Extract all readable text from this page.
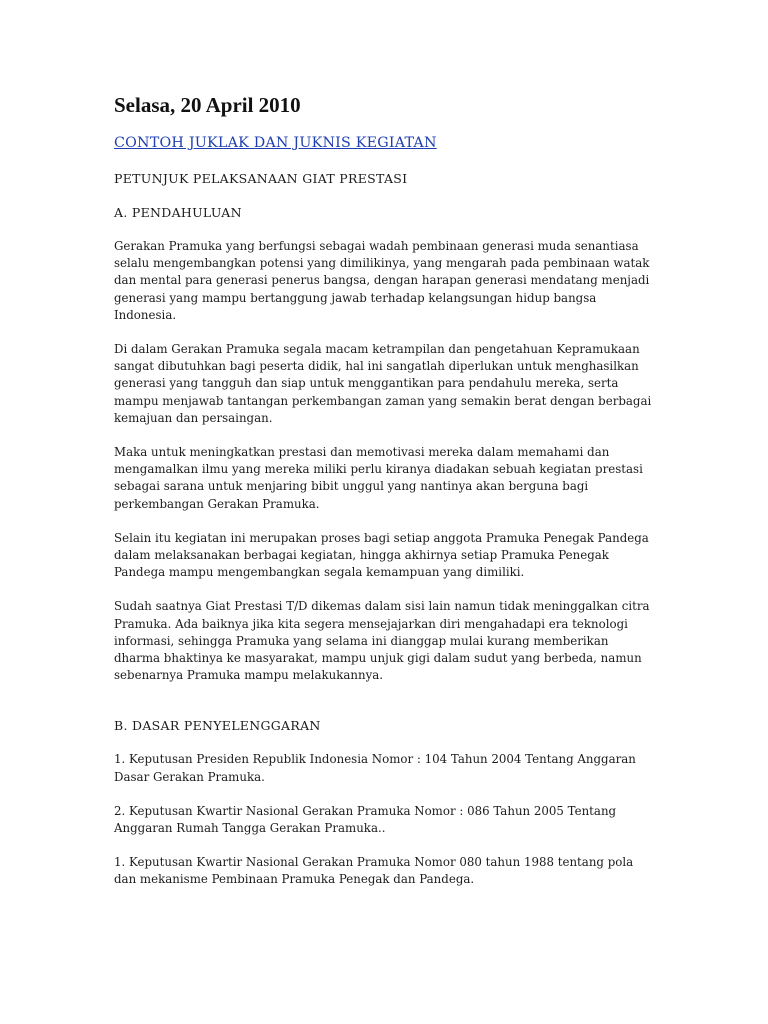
Selasa, 20 April 2010
CONTOH JUKLAK DAN JUKNIS KEGIATAN
PETUNJUK PELAKSANAAN GIAT PRESTASI
A. PENDAHULUAN
Gerakan Pramuka yang berfungsi sebagai wadah pembinaan generasi muda senantiasa
selalu mengembangkan potensi yang dimilikinya, yang mengarah pada pembinaan watak
dan mental para generasi penerus bangsa, dengan harapan generasi mendatang menjadi
generasi yang mampu bertanggung jawab terhadap kelangsungan hidup bangsa
Indonesia.
Di dalam Gerakan Pramuka segala macam ketrampilan dan pengetahuan Kepramukaan
sangat dibutuhkan bagi peserta didik, hal ini sangatlah diperlukan untuk menghasilkan
generasi yang tangguh dan siap untuk menggantikan para pendahulu mereka, serta
mampu menjawab tantangan perkembangan zaman yang semakin berat dengan berbagai
kemajuan dan persaingan.
Maka untuk meningkatkan prestasi dan memotivasi mereka dalam memahami dan
mengamalkan ilmu yang mereka miliki perlu kiranya diadakan sebuah kegiatan prestasi
sebagai sarana untuk menjaring bibit unggul yang nantinya akan berguna bagi
perkembangan Gerakan Pramuka.
Selain itu kegiatan ini merupakan proses bagi setiap anggota Pramuka Penegak Pandega
dalam melaksanakan berbagai kegiatan, hingga akhirnya setiap Pramuka Penegak
Pandega mampu mengembangkan segala kemampuan yang dimiliki.
Sudah saatnya Giat Prestasi T/D dikemas dalam sisi lain namun tidak meninggalkan citra
Pramuka. Ada baiknya jika kita segera mensejajarkan diri mengahadapi era teknologi
informasi, sehingga Pramuka yang selama ini dianggap mulai kurang memberikan
dharma bhaktinya ke masyarakat, mampu unjuk gigi dalam sudut yang berbeda, namun
sebenarnya Pramuka mampu melakukannya.
B. DASAR PENYELENGGARAN
1. Keputusan Presiden Republik Indonesia Nomor : 104 Tahun 2004 Tentang Anggaran
Dasar Gerakan Pramuka.
2. Keputusan Kwartir Nasional Gerakan Pramuka Nomor : 086 Tahun 2005 Tentang
Anggaran Rumah Tangga Gerakan Pramuka..
1. Keputusan Kwartir Nasional Gerakan Pramuka Nomor 080 tahun 1988 tentang pola
dan mekanisme Pembinaan Pramuka Penegak dan Pandega.
